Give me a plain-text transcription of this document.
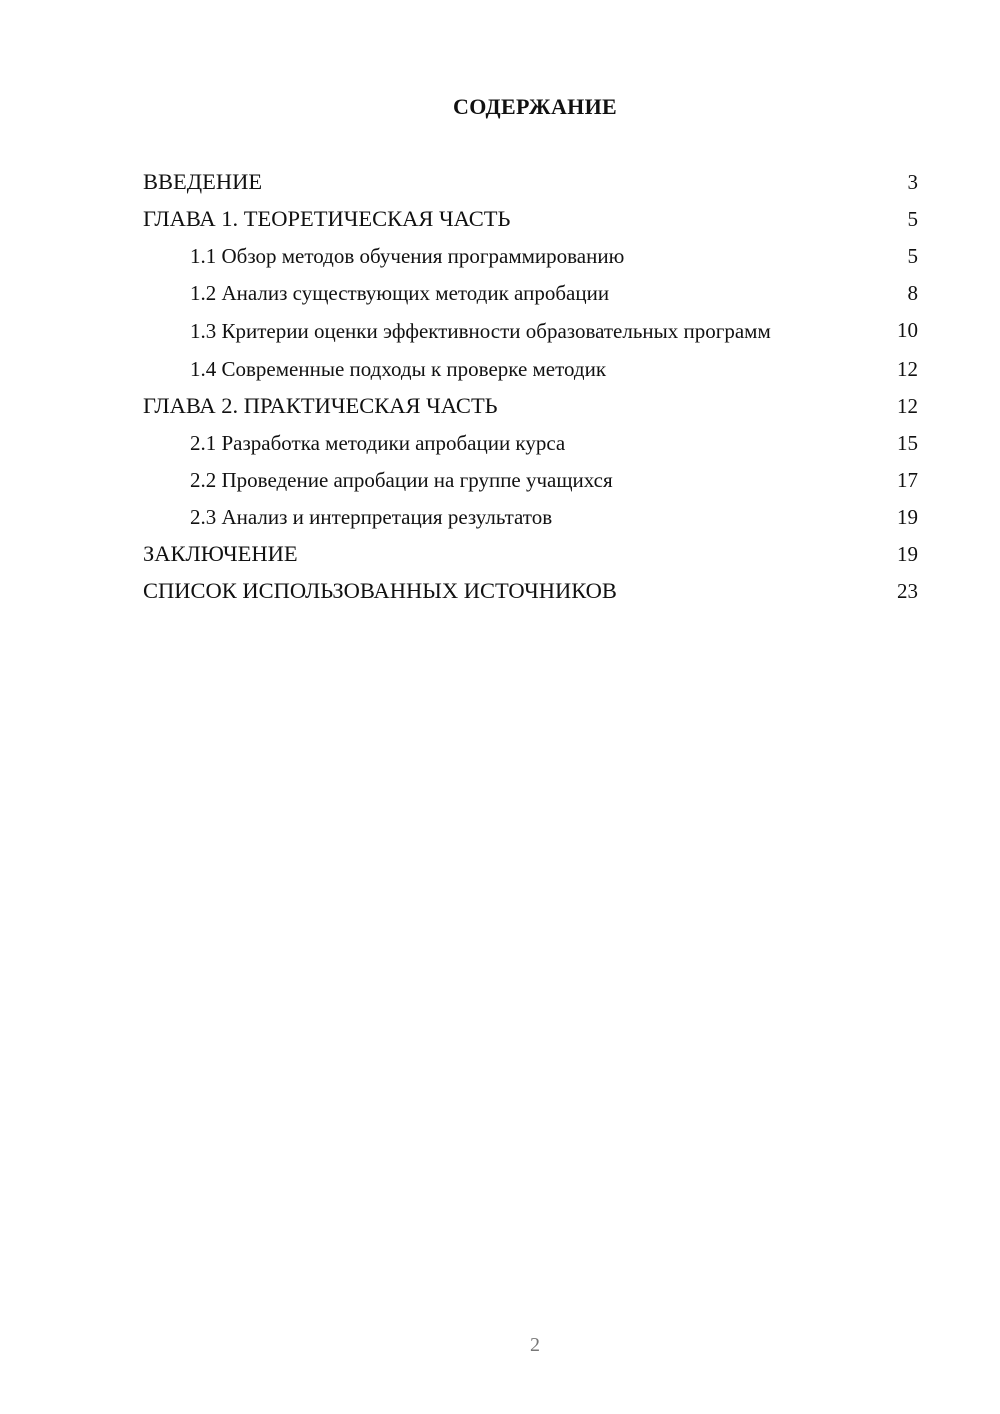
СОДЕРЖАНИЕ
ВВЕДЕНИЕ	3
ГЛАВА 1. ТЕОРЕТИЧЕСКАЯ ЧАСТЬ	5
1.1 Обзор методов обучения программированию	5
1.2 Анализ существующих методик апробации	8
1.3 Критерии оценки эффективности образовательных программ	10
1.4 Современные подходы к проверке методик	12
ГЛАВА 2. ПРАКТИЧЕСКАЯ ЧАСТЬ	12
2.1 Разработка методики апробации курса	15
2.2 Проведение апробации на группе учащихся	17
2.3 Анализ и интерпретация результатов	19
ЗАКЛЮЧЕНИЕ	19
СПИСОК ИСПОЛЬЗОВАННЫХ ИСТОЧНИКОВ	23
2
